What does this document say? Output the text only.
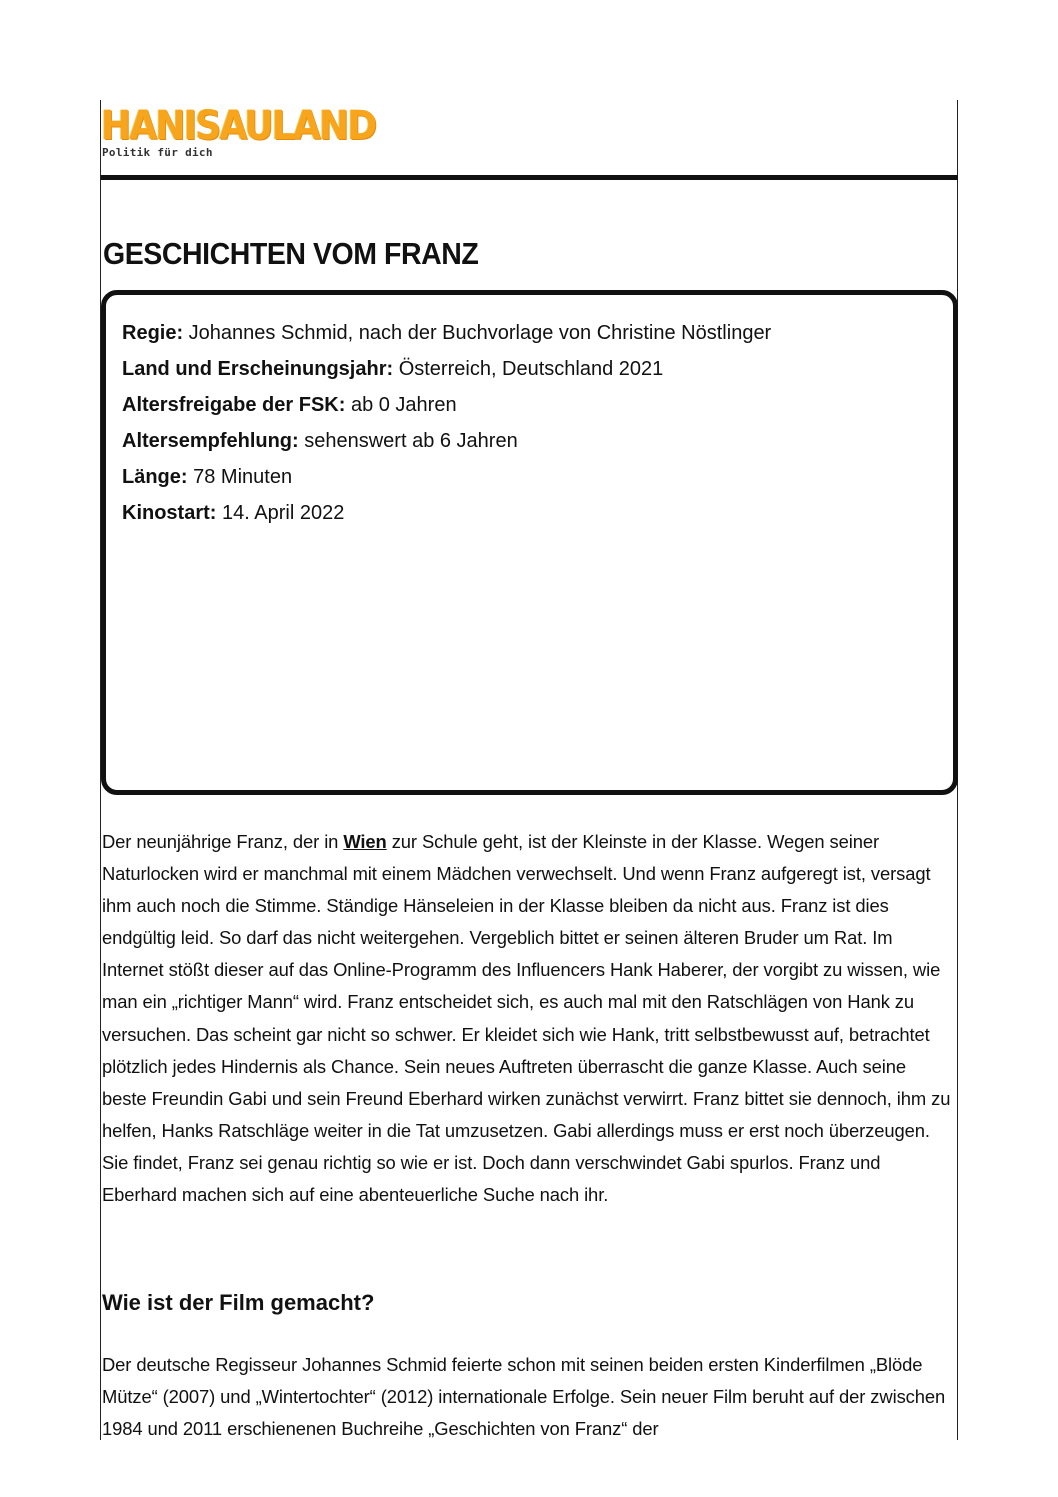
HANISAULAND
Politik für dich
GESCHICHTEN VOM FRANZ
Regie: Johannes Schmid, nach der Buchvorlage von Christine Nöstlinger
Land und Erscheinungsjahr: Österreich, Deutschland 2021
Altersfreigabe der FSK: ab 0 Jahren
Altersempfehlung: sehenswert ab 6 Jahren
Länge: 78 Minuten
Kinostart: 14. April 2022

Der neunjährige Franz, der in Wien zur Schule geht, ist der Kleinste in der Klasse. Wegen seiner Naturlocken wird er manchmal mit einem Mädchen verwechselt. Und wenn Franz aufgeregt ist, versagt ihm auch noch die Stimme. Ständige Hänseleien in der Klasse bleiben da nicht aus. Franz ist dies endgültig leid. So darf das nicht weitergehen. Vergeblich bittet er seinen älteren Bruder um Rat. Im Internet stößt dieser auf das Online-Programm des Influencers Hank Haberer, der vorgibt zu wissen, wie man ein „richtiger Mann“ wird. Franz entscheidet sich, es auch mal mit den Ratschlägen von Hank zu versuchen. Das scheint gar nicht so schwer. Er kleidet sich wie Hank, tritt selbstbewusst auf, betrachtet plötzlich jedes Hindernis als Chance. Sein neues Auftreten überrascht die ganze Klasse. Auch seine beste Freundin Gabi und sein Freund Eberhard wirken zunächst verwirrt. Franz bittet sie dennoch, ihm zu helfen, Hanks Ratschläge weiter in die Tat umzusetzen. Gabi allerdings muss er erst noch überzeugen. Sie findet, Franz sei genau richtig so wie er ist. Doch dann verschwindet Gabi spurlos. Franz und Eberhard machen sich auf eine abenteuerliche Suche nach ihr.

Wie ist der Film gemacht?

Der deutsche Regisseur Johannes Schmid feierte schon mit seinen beiden ersten Kinderfilmen „Blöde Mütze“ (2007) und „Wintertochter“ (2012) internationale Erfolge. Sein neuer Film beruht auf der zwischen 1984 und 2011 erschienenen Buchreihe „Geschichten von Franz“ der
